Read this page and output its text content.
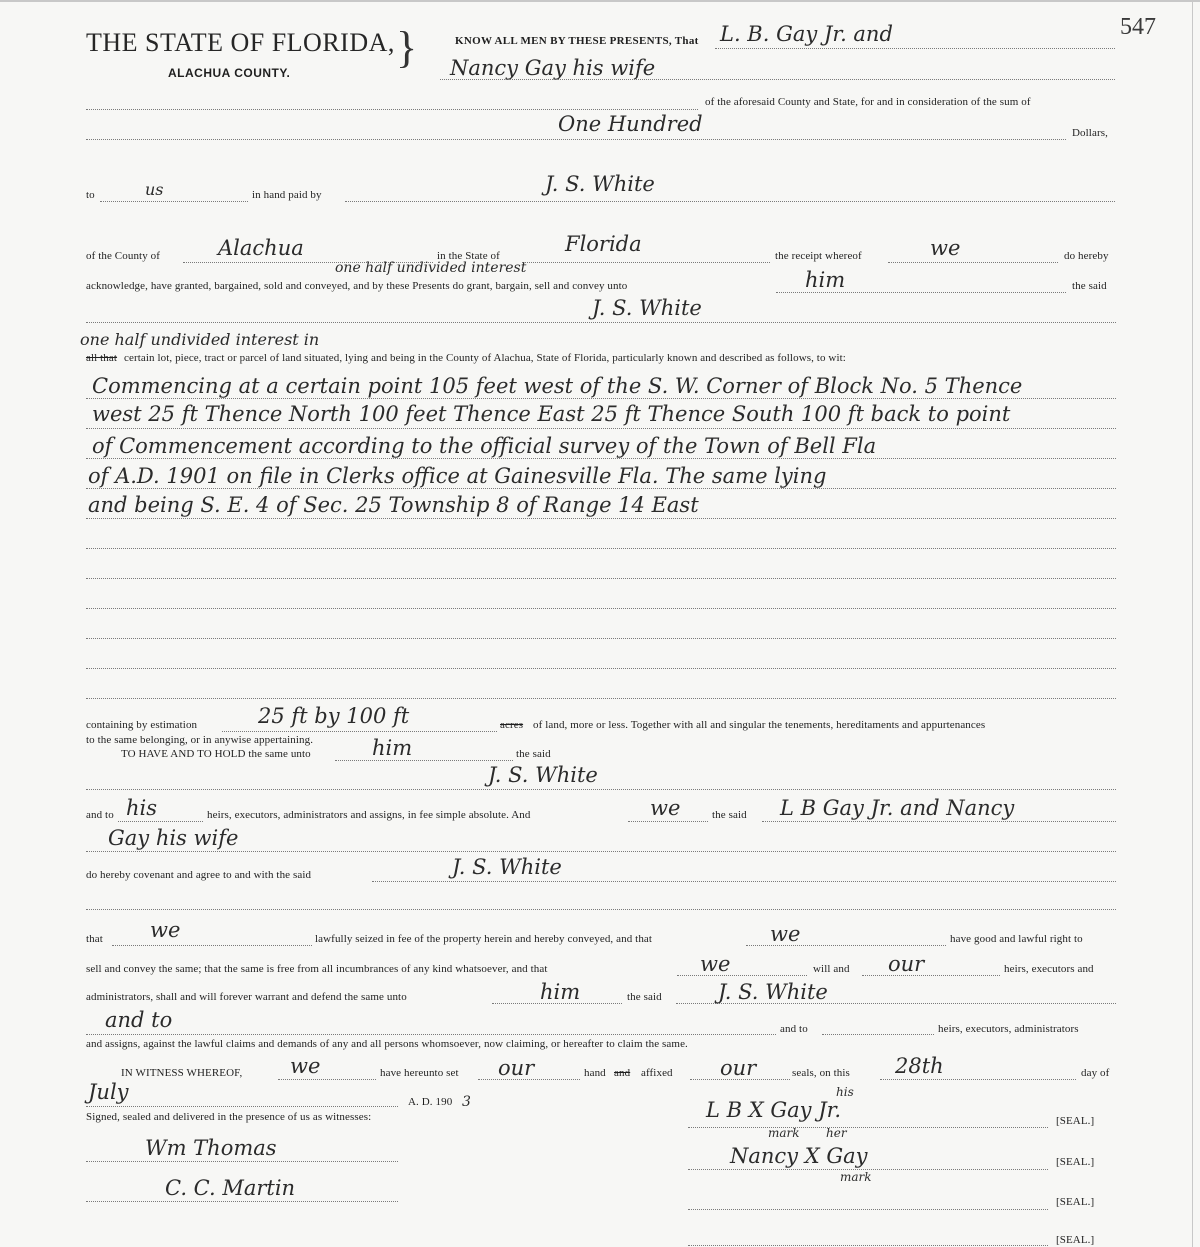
THE STATE OF FLORIDA,
ALACHUA COUNTY.
}	KNOW ALL MEN BY THESE PRESENTS, That
547
L. B. Gay Jr. and
Nancy Gay his wife
of the aforesaid County and State, for and in consideration of the sum of
One Hundred	Dollars,
to	us	in hand paid by	J. S. White
of the County of	Alachua	in the State of	Florida	the receipt whereof	we	do hereby
one half undivided interest
acknowledge, have granted, bargained, sold and conveyed, and by these Presents do grant, bargain, sell and convey unto	him	the said
J. S. White
one half undivided interest in
all that certain lot, piece, tract or parcel of land situated, lying and being in the County of Alachua, State of Florida, particularly known and described as follows, to wit:
Commencing at a certain point 105 feet west of the S. W. Corner of Block No. 5 Thence
west 25 ft Thence North 100 feet Thence East 25 ft Thence South 100 ft back to point
of Commencement according to the official survey of the Town of Bell Fla
of A.D. 1901 on file in Clerks office at Gainesville Fla. The same lying
and being S. E. 4 of Sec. 25 Township 8 of Range 14 East
containing by estimation	25 ft by 100 ft	acres of land, more or less. Together with all and singular the tenements, hereditaments and appurtenances
to the same belonging, or in anywise appertaining.
TO HAVE AND TO HOLD the same unto	him	the said
J. S. White
and to his	heirs, executors, administrators and assigns, in fee simple absolute. And	we	the said L B Gay Jr. and Nancy
Gay his wife
do hereby covenant and agree to and with the said	J. S. White
that we	lawfully seized in fee of the property herein and hereby conveyed, and that	we	have good and lawful right to
sell and convey the same; that the same is free from all incumbrances of any kind whatsoever, and that	we	will and our	heirs, executors and
administrators, shall and will forever warrant and defend the same unto	him	the said	J. S. White
and to	and to	heirs, executors, administrators
and assigns, against the lawful claims and demands of any and all persons whomsoever, now claiming, or hereafter to claim the same.
IN WITNESS WHEREOF, we	have hereunto set our	hand and affixed our	seals, on this 28th	day of
July	A. D. 190 3
Signed, sealed and delivered in the presence of us as witnesses:
Wm Thomas
C. C. Martin
his
L B X Gay Jr.
mark her
[SEAL.]
Nancy X Gay
mark
[SEAL.]
[SEAL.]
[SEAL.]
